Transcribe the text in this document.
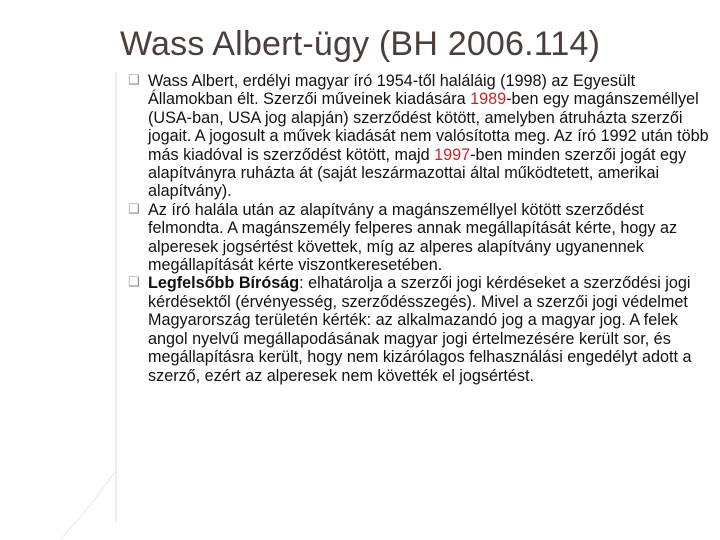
Wass Albert-ügy (BH 2006.114)
❑ Wass Albert, erdélyi magyar író 1954-től haláláig (1998) az Egyesült Államokban élt. Szerzői műveinek kiadására 1989-ben egy magánszeméllyel (USA-ban, USA jog alapján) szerződést kötött, amelyben átruházta szerzői jogait. A jogosult a művek kiadását nem valósította meg. Az író 1992 után több más kiadóval is szerződést kötött, majd 1997-ben minden szerzői jogát egy alapítványra ruházta át (saját leszármazottai által működtetett, amerikai alapítvány).
❑ Az író halála után az alapítvány a magánszeméllyel kötött szerződést felmondta. A magánszemély felperes annak megállapítását kérte, hogy az alperesek jogsértést követtek, míg az alperes alapítvány ugyanennek megállapítását kérte viszontkeresetében.
❑ Legfelsőbb Bíróság: elhatárolja a szerzői jogi kérdéseket a szerződési jogi kérdésektől (érvényesség, szerződésszegés). Mivel a szerzői jogi védelmet Magyarország területén kérték: az alkalmazandó jog a magyar jog. A felek angol nyelvű megállapodásának magyar jogi értelmezésére került sor, és megállapításra került, hogy nem kizárólagos felhasználási engedélyt adott a szerző, ezért az alperesek nem követték el jogsértést.
